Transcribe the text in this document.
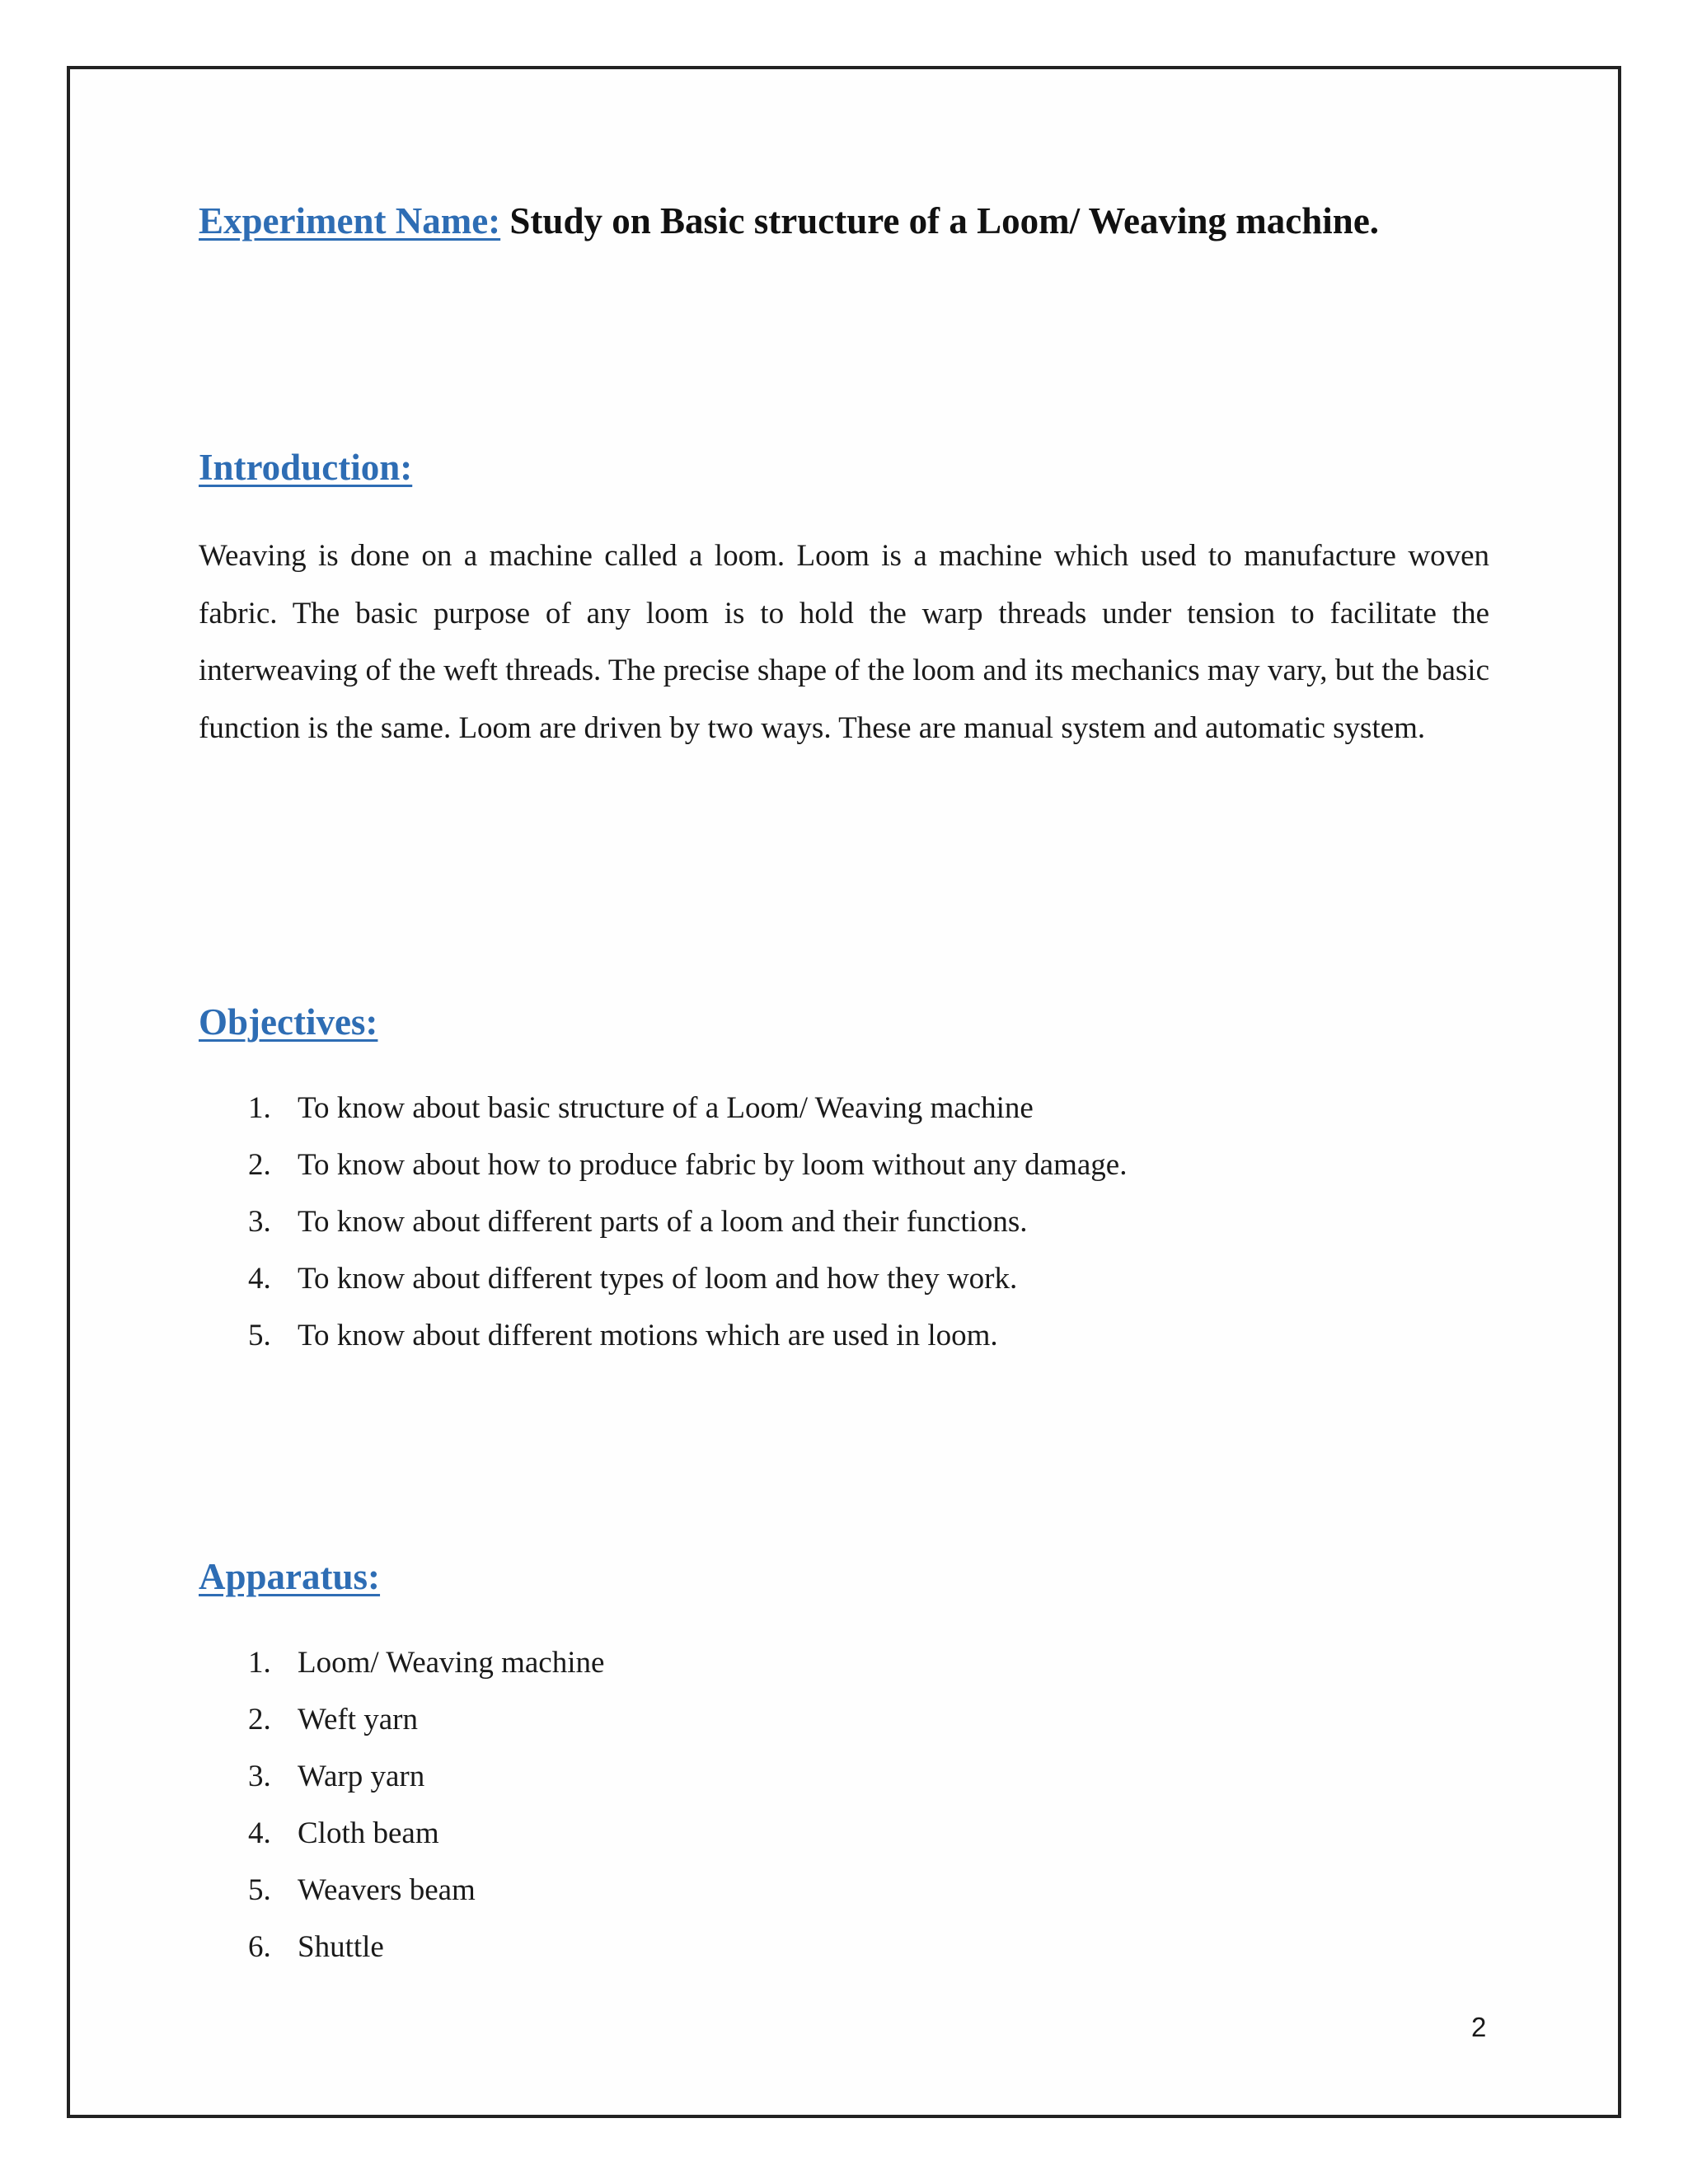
Experiment Name: Study on Basic structure of a Loom/ Weaving machine.
Introduction:
Weaving is done on a machine called a loom. Loom is a machine which used to manufacture woven fabric. The basic purpose of any loom is to hold the warp threads under tension to facilitate the interweaving of the weft threads. The precise shape of the loom and its mechanics may vary, but the basic function is the same. Loom are driven by two ways. These are manual system and automatic system.
Objectives:
1. To know about basic structure of a Loom/ Weaving machine
2. To know about how to produce fabric by loom without any damage.
3. To know about different parts of a loom and their functions.
4. To know about different types of loom and how they work.
5. To know about different motions which are used in loom.
Apparatus:
1. Loom/ Weaving machine
2. Weft yarn
3. Warp yarn
4. Cloth beam
5. Weavers beam
6. Shuttle
2
